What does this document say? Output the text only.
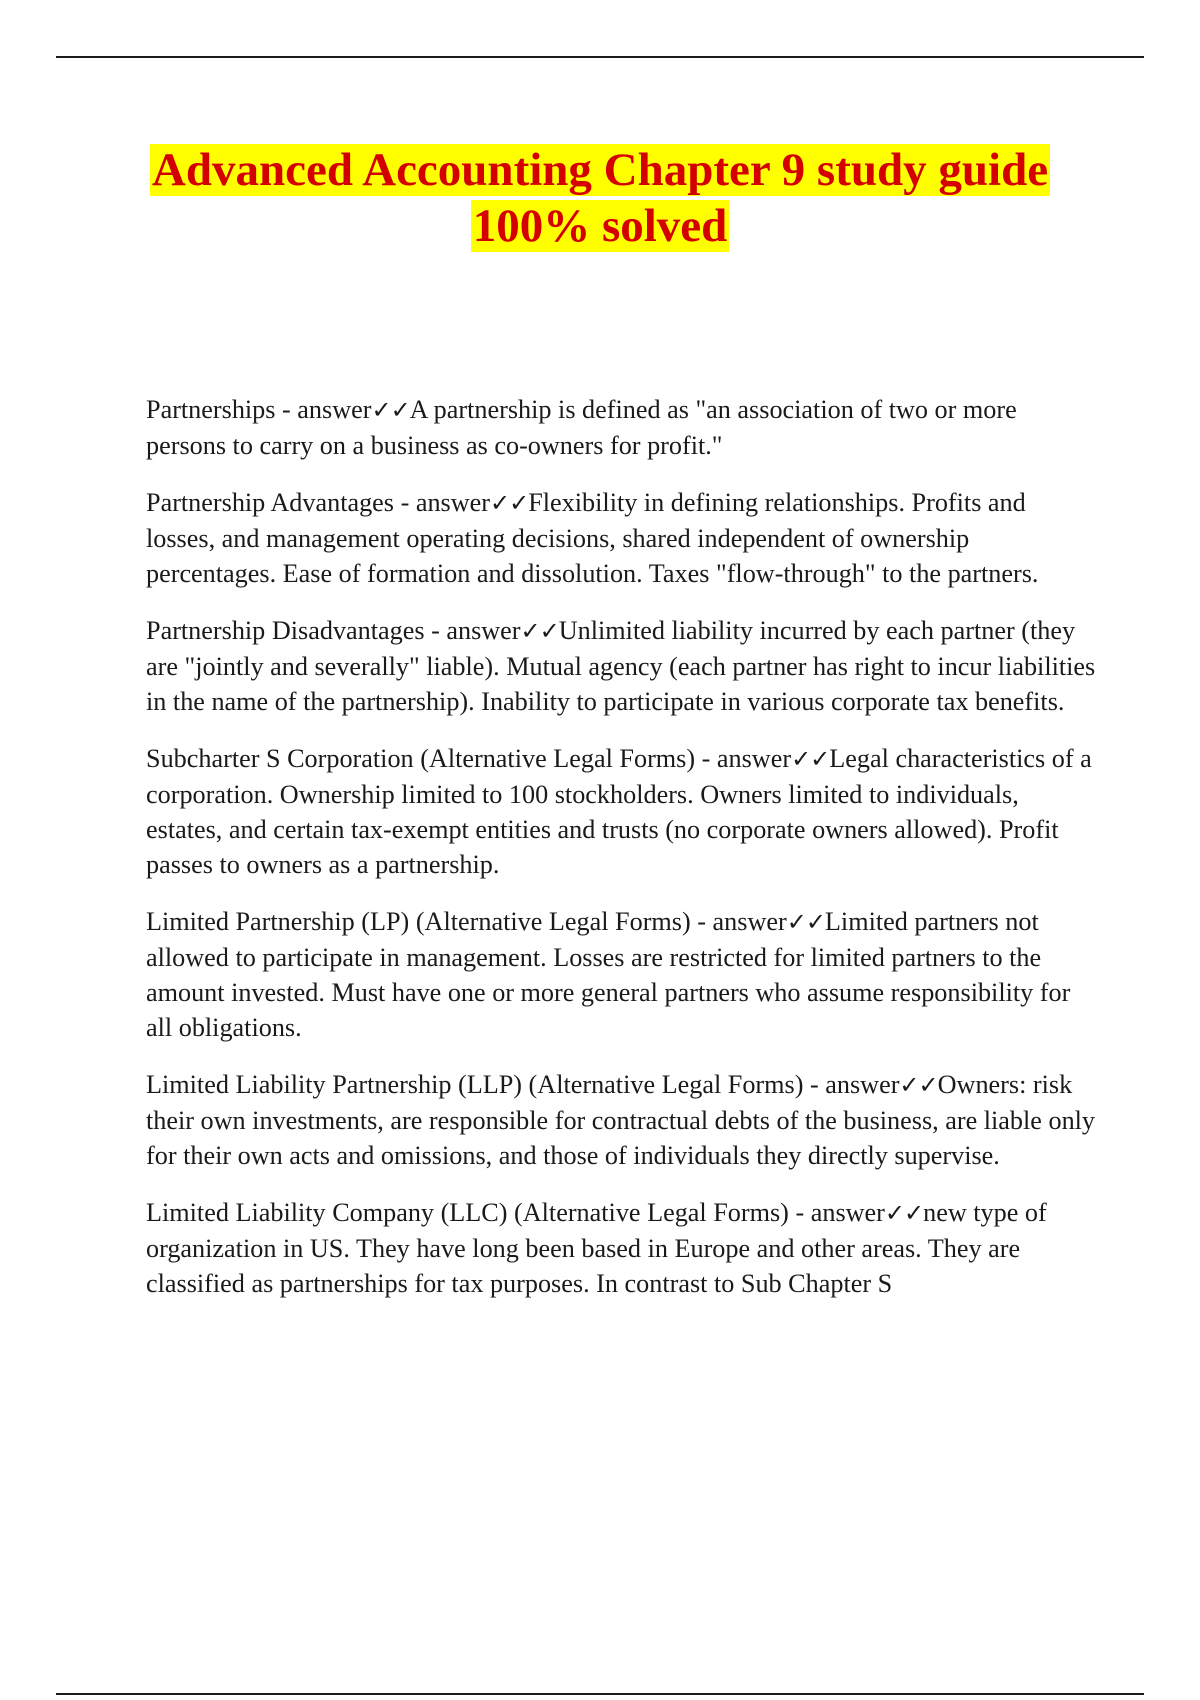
Advanced Accounting Chapter 9 study guide
100% solved

Partnerships - answer✓✓A partnership is defined as "an association of two or more persons to carry on a business as co-owners for profit."

Partnership Advantages - answer✓✓Flexibility in defining relationships. Profits and losses, and management operating decisions, shared independent of ownership percentages. Ease of formation and dissolution. Taxes "flow-through" to the partners.

Partnership Disadvantages - answer✓✓Unlimited liability incurred by each partner (they are "jointly and severally" liable). Mutual agency (each partner has right to incur liabilities in the name of the partnership). Inability to participate in various corporate tax benefits.

Subcharter S Corporation (Alternative Legal Forms) - answer✓✓Legal characteristics of a corporation. Ownership limited to 100 stockholders. Owners limited to individuals, estates, and certain tax-exempt entities and trusts (no corporate owners allowed). Profit passes to owners as a partnership.

Limited Partnership (LP) (Alternative Legal Forms) - answer✓✓Limited partners not allowed to participate in management. Losses are restricted for limited partners to the amount invested. Must have one or more general partners who assume responsibility for all obligations.

Limited Liability Partnership (LLP) (Alternative Legal Forms) - answer✓✓Owners: risk their own investments, are responsible for contractual debts of the business, are liable only for their own acts and omissions, and those of individuals they directly supervise.

Limited Liability Company (LLC) (Alternative Legal Forms) - answer✓✓new type of organization in US. They have long been based in Europe and other areas. They are classified as partnerships for tax purposes. In contrast to Sub Chapter S
